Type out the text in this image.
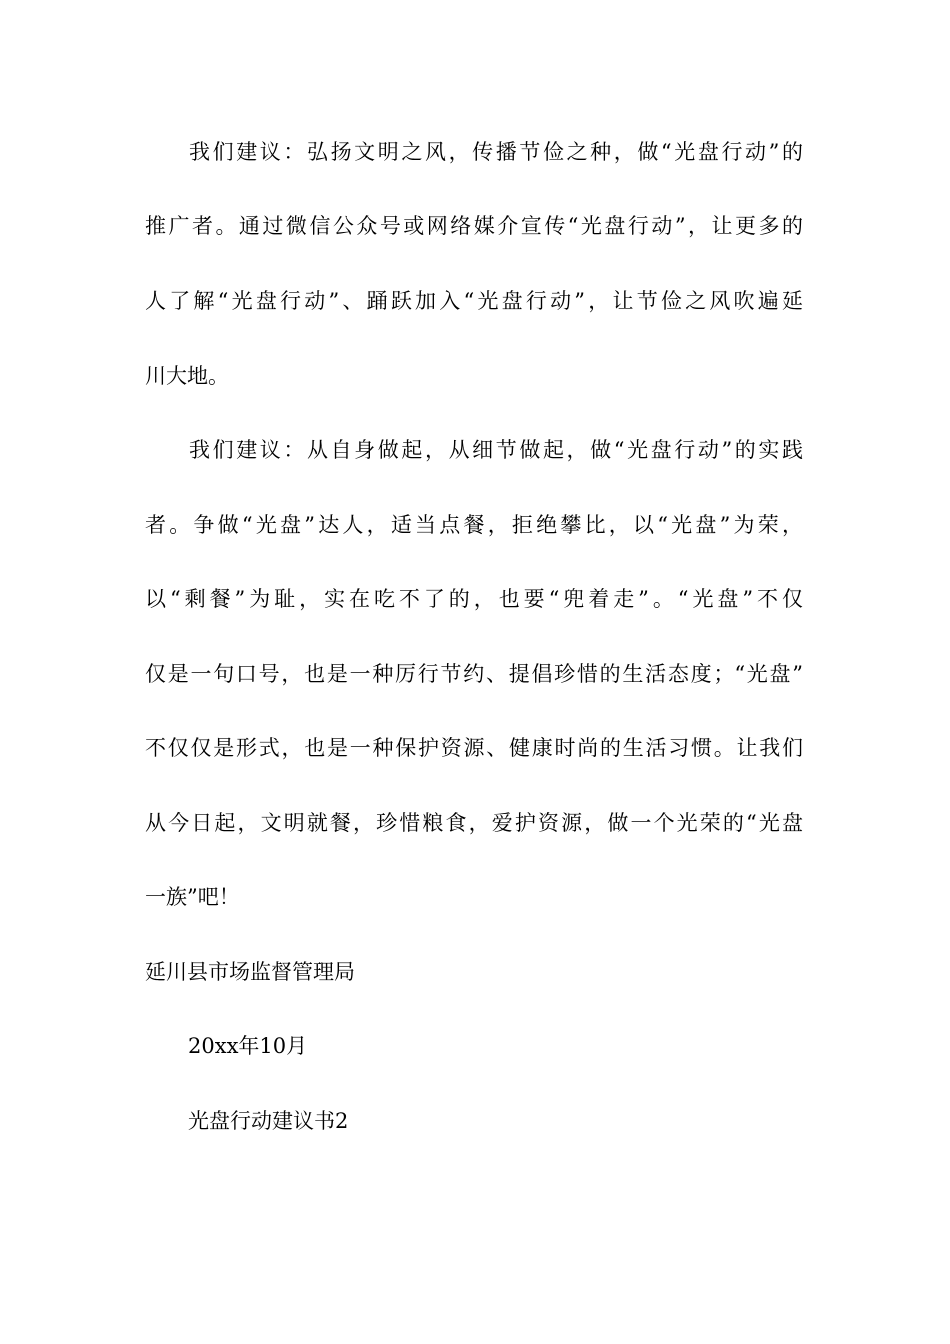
我们建议：弘扬文明之风，传播节俭之种，做“光盘行动”的
推广者。通过微信公众号或网络媒介宣传“光盘行动”，让更多的
人了解“光盘行动”、踊跃加入“光盘行动”，让节俭之风吹遍延
川大地。
我们建议：从自身做起，从细节做起，做“光盘行动”的实践
者。争做“光盘”达人，适当点餐，拒绝攀比，以“光盘”为荣，
以“剩餐”为耻，实在吃不了的，也要“兜着走”。“光盘”不仅
仅是一句口号，也是一种厉行节约、提倡珍惜的生活态度；“光盘”
不仅仅是形式，也是一种保护资源、健康时尚的生活习惯。让我们
从今日起，文明就餐，珍惜粮食，爱护资源，做一个光荣的“光盘
一族”吧！
延川县市场监督管理局
20xx年10月
光盘行动建议书2
